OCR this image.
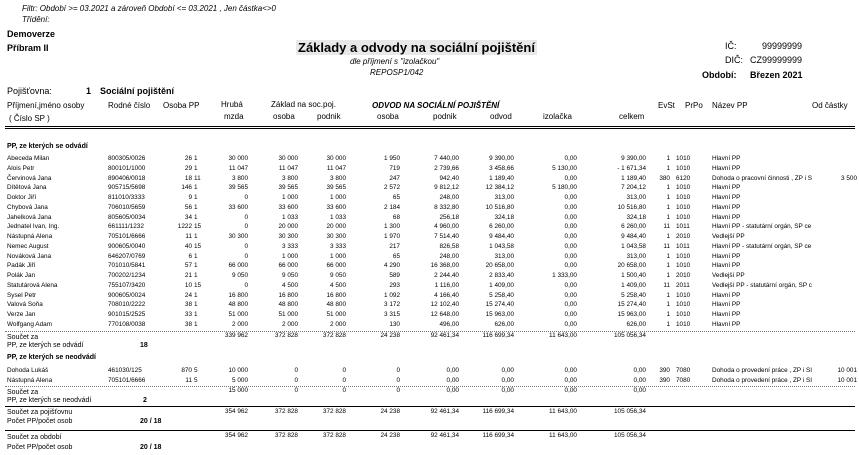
Filtr: Období >= 03.2021 a zároveň Období <= 03.2021 , Jen částka<>0
Třídění:
Demoverze
Příbram II	Základy a odvody na sociální pojištění
dle příjmení s "izolačkou"
REPOSP1/042
IČ:	99999999
DIČ: CZ99999999
Období: Březen 2021
Pojišťovna:	1 Sociální pojištění
Příjmení,jméno osoby
( Číslo SP )
Rodné číslo Osoba PP	Hrubá
mzda
Základ na soc.poj.
osoba	podnik
ODVOD NA SOCIÁLNÍ POJIŠTĚNÍ
osoba	podnik	odvod	izolačka	celkem
EvSt PrPo Název PP	Od částky
PP, ze kterých se odvádí
Abeceda Milan	800305/0026	26 1	30 000	30 000	30 000	1 950	7 440,00	9 390,00	0,00	9 390,00	1 1010	Hlavní PP
Alois Petr	800101/1000	29 1	11 047	11 047	11 047	719	2 739,66	3 458,66	5 130,00	- 1 671,34	1 1010	Hlavní PP
Červinová Jana	890406/0018	18 11	3 800	3 800	3 800	247	942,40	1 189,40	0,00	1 189,40	380 6120	Dohoda o pracovní činnosti , ZP i S	3 500
Dítětová Jana	905715/5698	146 1	39 565	39 565	39 565	2 572	9 812,12	12 384,12	5 180,00	7 204,12	1 1010	Hlavní PP
Doktor Jiří	811010/3333	9 1	0	1 000	1 000	65	248,00	313,00	0,00	313,00	1 1010	Hlavní PP
Chybová Jana	706010/5659	56 1	33 600	33 600	33 600	2 184	8 332,80	10 516,80	0,00	10 516,80	1 1010	Hlavní PP
Jahelková Jana	805605/0034	34 1	0	1 033	1 033	68	256,18	324,18	0,00	324,18	1 1010	Hlavní PP
Jednatel Ivan, Ing.	661111/1232	1222 15	0	20 000	20 000	1 300	4 960,00	6 260,00	0,00	6 260,00	11 1011	Hlavní PP - statutární orgán, SP ce
Nástupná Alena	705101/6666	11 1	30 300	30 300	30 300	1 970	7 514,40	9 484,40	0,00	9 484,40	1 2010	Vedlejší PP
Nemec August	900605/0040	40 15	0	3 333	3 333	217	826,58	1 043,58	0,00	1 043,58	11 1011	Hlavní PP - statutární orgán, SP ce
Nováková Jana	646207/0769	6 1	0	1 000	1 000	65	248,00	313,00	0,00	313,00	1 1010	Hlavní PP
Padák Jiří	701010/5841	57 1	66 000	66 000	66 000	4 290	16 368,00	20 658,00	0,00	20 658,00	1 1010	Hlavní PP
Polák Jan	700202/1234	21 1	9 050	9 050	9 050	589	2 244,40	2 833,40	1 333,00	1 500,40	1 2010	Vedlejší PP
Statutárová Alena	755107/3420	10 15	0	4 500	4 500	293	1 116,00	1 409,00	0,00	1 409,00	11 2011	Vedlejší PP - statutární orgán, SP c
Sysel Petr	900605/0024	24 1	16 800	16 800	16 800	1 092	4 166,40	5 258,40	0,00	5 258,40	1 1010	Hlavní PP
Valová Soňa	708010/2222	38 1	48 800	48 800	48 800	3 172	12 102,40	15 274,40	0,00	15 274,40	1 1010	Hlavní PP
Verze Jan	901015/2525	33 1	51 000	51 000	51 000	3 315	12 648,00	15 963,00	0,00	15 963,00	1 1010	Hlavní PP
Wolfgang Adam	770108/0038	38 1	2 000	2 000	2 000	130	496,00	626,00	0,00	626,00	1 1010	Hlavní PP
Součet za
PP, ze kterých se odvádí	18
339 962	372 828	372 828	24 238	92 461,34	116 699,34	11 643,00	105 056,34
PP, ze kterých se neodvádí
Dohoda Lukáš	461030/125	870 5	10 000	0	0	0	0,00	0,00	0,00	0,00	390 7080	Dohoda o provedení práce , ZP i SI	10 001
Nástupná Alena	705101/6666	11 5	5 000	0	0	0	0,00	0,00	0,00	0,00	390 7080	Dohoda o provedení práce , ZP i SI	10 001
Součet za
PP, ze kterých se neodvádí	2
15 000	0	0	0	0,00	0,00	0,00	0,00
Součet za pojišťovnu
Počet PP/počet osob	20 / 18
354 962	372 828	372 828	24 238	92 461,34	116 699,34	11 643,00	105 056,34
Součet za období
Počet PP/počet osob	20 / 18
354 962	372 828	372 828	24 238	92 461,34	116 699,34	11 643,00	105 056,34
